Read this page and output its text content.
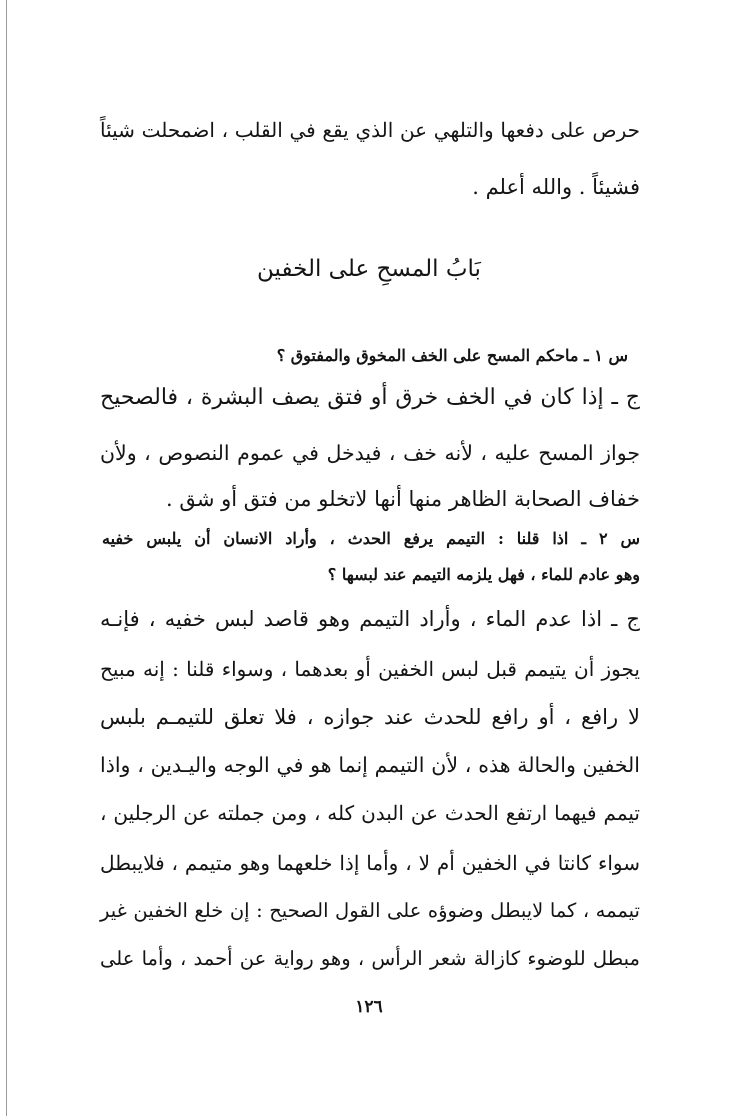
حرص على دفعها والتلهي عن الذي يقع في القلب ، اضمحلت شيئاً
فشيئاً . والله أعلم .
بَابُ المسحِ على الخفين
س ١ ـ ماحكم المسح على الخف المخوق والمفتوق ؟
ج ـ إذا كان في الخف خرق أو فتق يصف البشرة ، فالصحيح
جواز المسح عليه ، لأنه خف ، فيدخل في عموم النصوص ، ولأن
خفاف الصحابة الظاهر منها أنها لاتخلو من فتق أو شق .
س ٢ ـ اذا قلنا : التيمم يرفع الحدث ، وأراد الانسان أن يلبس خفيه
وهو عادم للماء ، فهل يلزمه التيمم عند لبسها ؟
ج ـ اذا عدم الماء ، وأراد التيمم وهو قاصد لبس خفيه ، فإنـه
يجوز أن يتيمم قبل لبس الخفين أو بعدهما ، وسواء قلنا : إنه مبيح
لا رافع ، أو رافع للحدث عند جوازه ، فلا تعلق للتيمـم بلبس
الخفين والحالة هذه ، لأن التيمم إنما هو في الوجه واليـدين ، واذا
تيمم فيهما ارتفع الحدث عن البدن كله ، ومن جملته عن الرجلين ،
سواء كانتا في الخفين أم لا ، وأما إذا خلعهما وهو متيمم ، فلايبطل
تيممه ، كما لايبطل وضوؤه على القول الصحيح : إن خلع الخفين غير
مبطل للوضوء كازالة شعر الرأس ، وهو رواية عن أحمد ، وأما على
١٢٦
